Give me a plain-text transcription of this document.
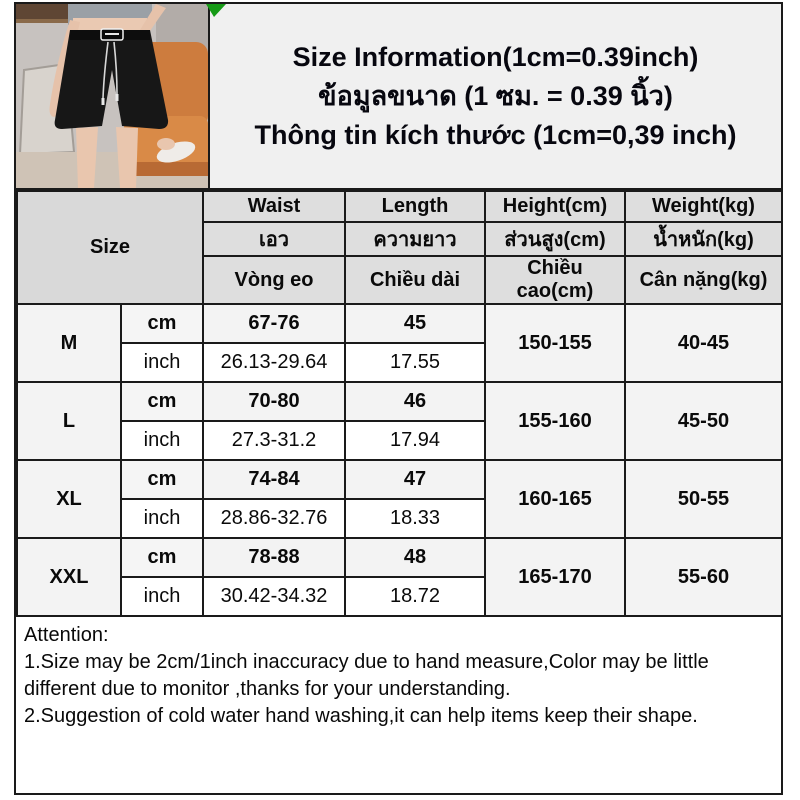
Size Information(1cm=0.39inch)
ข้อมูลขนาด (1 ซม. = 0.39 นิ้ว)
Thông tin kích thước (1cm=0,39 inch)
Size		Waist	Length	Height(cm)	Weight(kg)
		เอว	ความยาว	ส่วนสูง(cm)	น้ำหนัก(kg)
		Vòng eo	Chiều dài	Chiều cao(cm)	Cân nặng(kg)
M	cm	67-76	45	150-155	40-45
	inch	26.13-29.64	17.55		
L	cm	70-80	46	155-160	45-50
	inch	27.3-31.2	17.94		
XL	cm	74-84	47	160-165	50-55
	inch	28.86-32.76	18.33		
XXL	cm	78-88	48	165-170	55-60
	inch	30.42-34.32	18.72		
Attention:
1.Size may be 2cm/1inch inaccuracy due to hand measure,Color may be little different due to monitor ,thanks for your understanding.
2.Suggestion of cold water hand washing,it can help items keep their shape.
